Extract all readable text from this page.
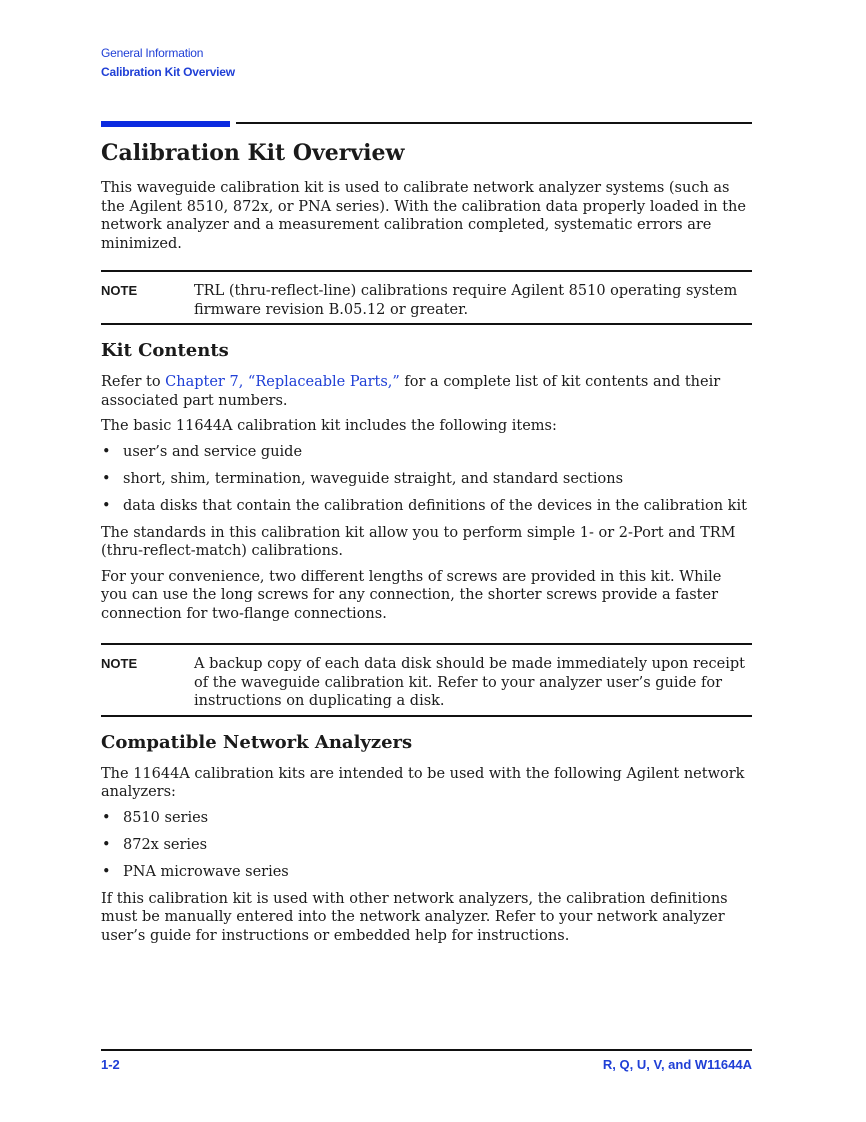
General Information
Calibration Kit Overview
Calibration Kit Overview

This waveguide calibration kit is used to calibrate network analyzer systems (such as the Agilent 8510, 872x, or PNA series). With the calibration data properly loaded in the network analyzer and a measurement calibration completed, systematic errors are minimized.

NOTE	TRL (thru-reflect-line) calibrations require Agilent 8510 operating system firmware revision B.05.12 or greater.

Kit Contents

Refer to Chapter 7, “Replaceable Parts,” for a complete list of kit contents and their associated part numbers.

The basic 11644A calibration kit includes the following items:

• user’s and service guide
• short, shim, termination, waveguide straight, and standard sections
• data disks that contain the calibration definitions of the devices in the calibration kit

The standards in this calibration kit allow you to perform simple 1- or 2-Port and TRM (thru-reflect-match) calibrations.

For your convenience, two different lengths of screws are provided in this kit. While you can use the long screws for any connection, the shorter screws provide a faster connection for two-flange connections.

NOTE	A backup copy of each data disk should be made immediately upon receipt of the waveguide calibration kit. Refer to your analyzer user’s guide for instructions on duplicating a disk.

Compatible Network Analyzers

The 11644A calibration kits are intended to be used with the following Agilent network analyzers:

• 8510 series
• 872x series
• PNA microwave series

If this calibration kit is used with other network analyzers, the calibration definitions must be manually entered into the network analyzer. Refer to your network analyzer user’s guide for instructions or embedded help for instructions.

1-2	R, Q, U, V, and W11644A
